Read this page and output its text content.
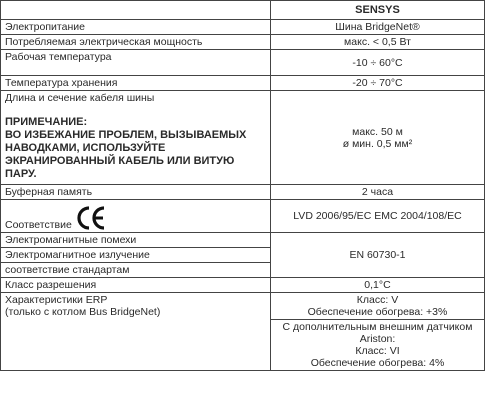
	SENSYS
Электропитание	Шина BridgeNet®
Потребляемая электрическая мощность	макс. < 0,5 Вт
Рабочая температура	-10 ÷ 60°C
Температура хранения	-20 ÷ 70°C

Длина и сечение кабеля шины
ПРИМЕЧАНИЕ:
ВО ИЗБЕЖАНИЕ ПРОБЛЕМ, ВЫЗЫВАЕМЫХ НАВОДКАМИ, ИСПОЛЬЗУЙТЕ ЭКРАНИРОВАННЫЙ КАБЕЛЬ ИЛИ ВИТУЮ ПАРУ.	макс. 50 м
ø мин. 0,5 мм²

Буферная память	2 часа

Соответствие	LVD 2006/95/EC EMC 2004/108/EC

Электромагнитные помехи
Электромагнитное излучение
соответствие стандартам	EN 60730-1
Класс разрешения	0,1°C

Характеристики ERP
(только с котлом Bus BridgeNet)	Класс: V
Обеспечение обогрева: +3%

	С дополнительным внешним датчиком
Ariston:
Класс: VI
Обеспечение обогрева: 4%
